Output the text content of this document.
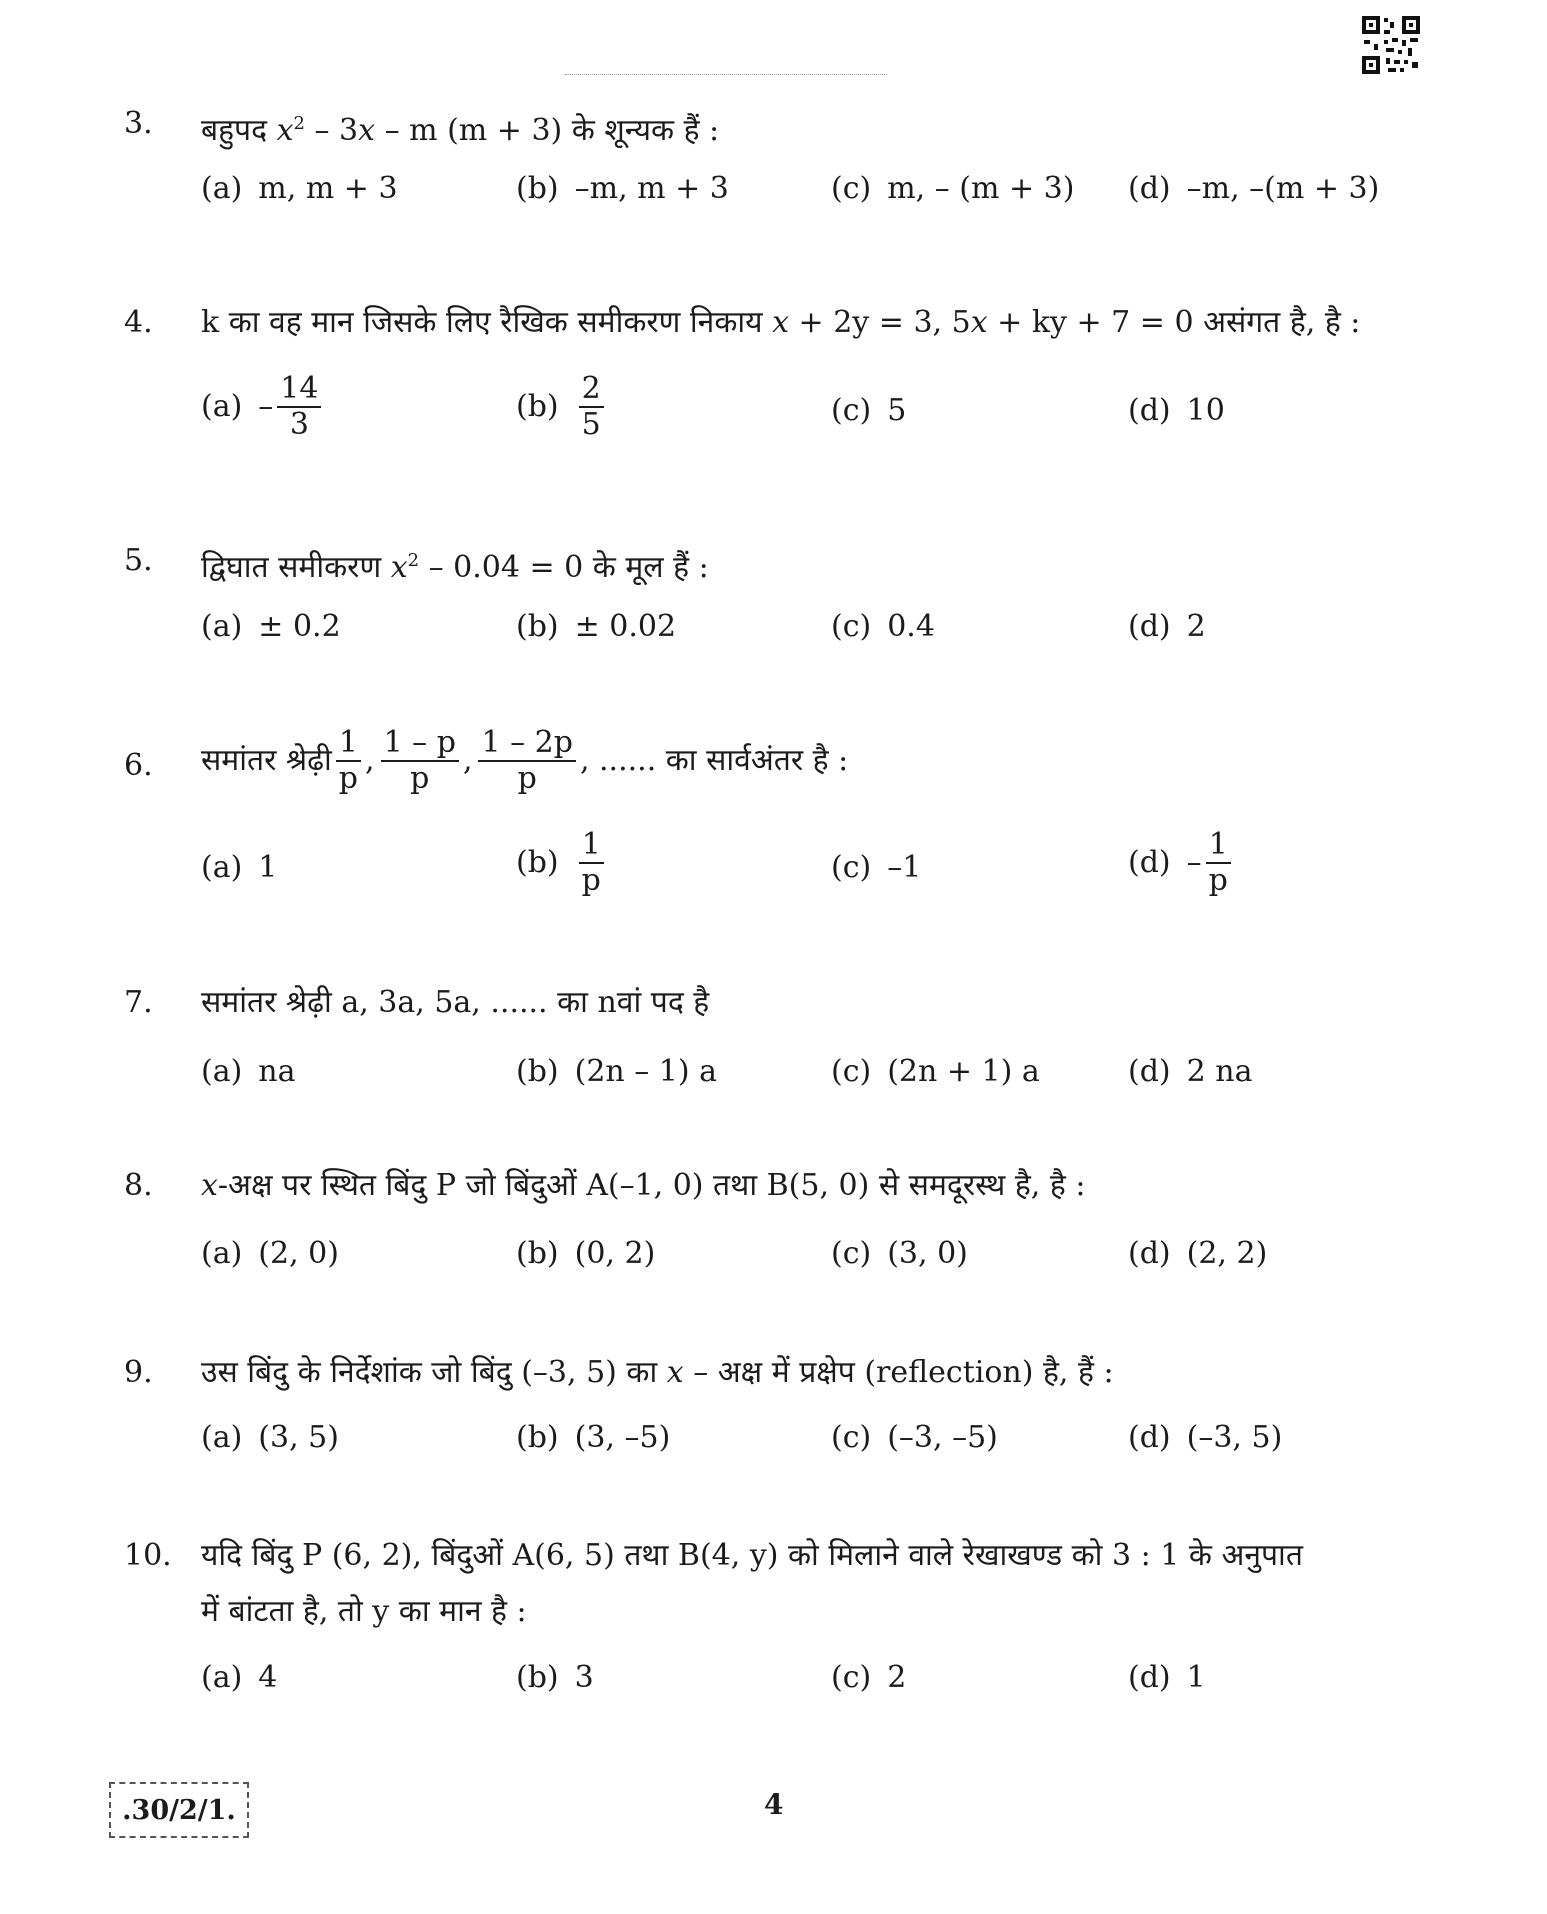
3. बहुपद $x^2 - 3x$ – m (m + 3) के शून्यक हैं :
(a) m, m + 3	(b) –m, m + 3	(c) m, – (m + 3) (d) –m, –(m + 3)
4. k का वह मान जिसके लिए रैखिक समीकरण निकाय x + 2y = 3, 5x + ky + 7 = 0 असंगत है, है :
$(a) - \frac{14}{3}$	$(b) \frac{2}{5}$	(c) 5	(d) 10
5. द्विघात समीकरण $x^2 - 0.04 = 0$ के मूल हैं :
(a) ± 0.2	(b) ± 0.02	(c) 0.4	(d) 2
6. समांतर श्रेढ़ी $\frac{1}{p}$ , $\frac{1 - p}{p}$ , $\frac{1 - 2p}{p}$ , ...... का सार्वअंतर है :
(a) 1	$(b) \frac{1}{p}$	(c) –1	$(d) - \frac{1}{p}$
7. समांतर श्रेढ़ी a, 3a, 5a, ...... का nवां पद है
(a) na	(b) (2n – 1) a	(c) (2n + 1) a	(d) 2 na
8. x-अक्ष पर स्थित बिंदु P जो बिंदुओं A(–1, 0) तथा B(5, 0) से समदूरस्थ है, है :
(a) (2, 0)	(b) (0, 2)	(c) (3, 0)	(d) (2, 2)
9. उस बिंदु के निर्देशांक जो बिंदु (–3, 5) का x – अक्ष में प्रक्षेप (reflection) है, हैं :
(a) (3, 5)	(b) (3, –5)	(c) (–3, –5)	(d) (–3, 5)
10. यदि बिंदु P (6, 2), बिंदुओं A(6, 5) तथा B(4, y) को मिलाने वाले रेखाखण्ड को 3 : 1 के अनुपात
में बांटता है, तो y का मान है :
(a) 4	(b) 3	(c) 2	(d) 1
.30/2/1.	4
